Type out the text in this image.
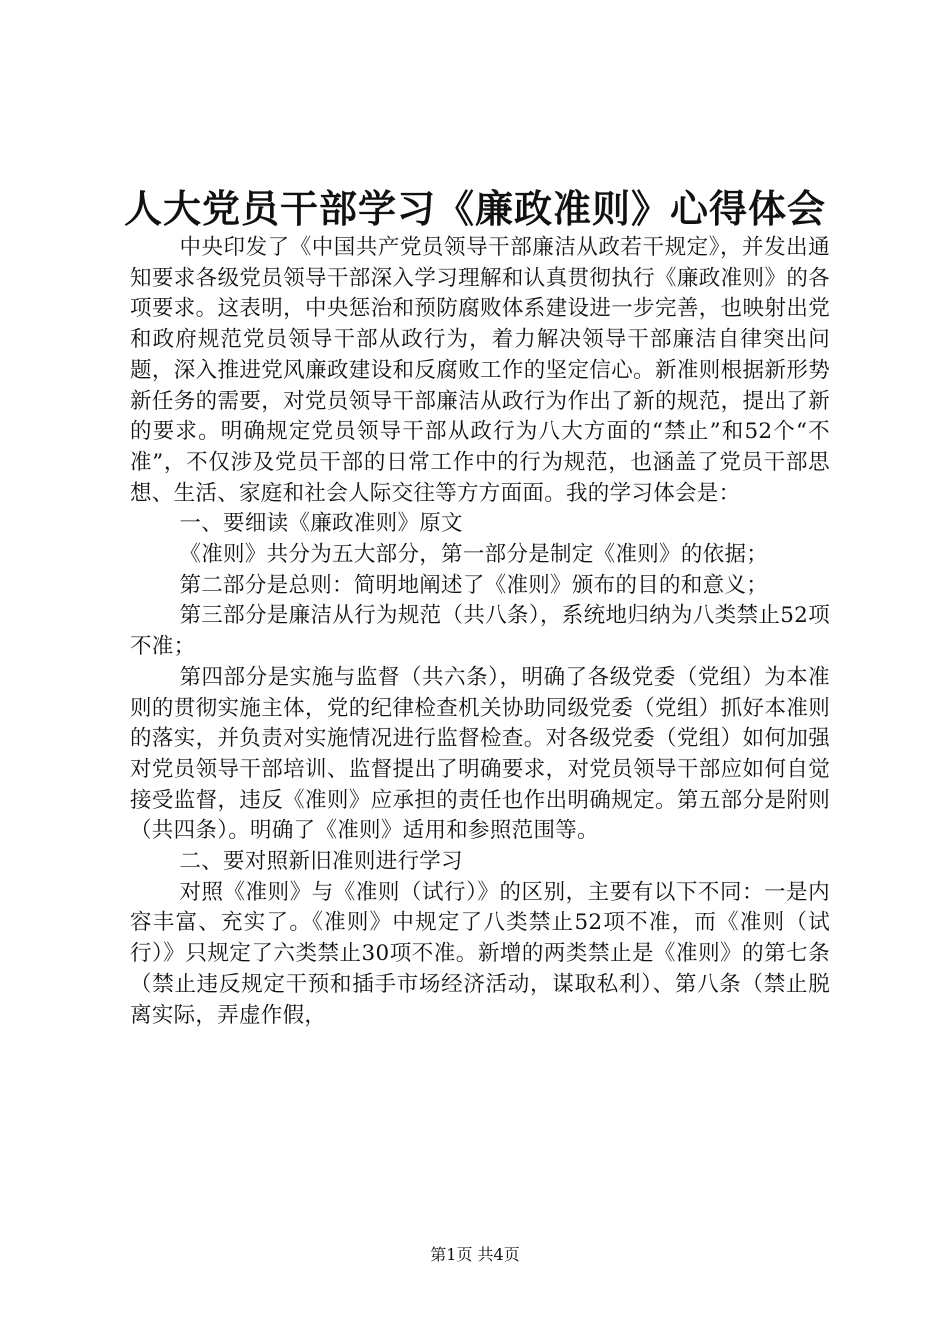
人大党员干部学习《廉政准则》心得体会

中央印发了《中国共产党员领导干部廉洁从政若干规定》，并发出通知要求各级党员领导干部深入学习理解和认真贯彻执行《廉政准则》的各项要求。这表明，中央惩治和预防腐败体系建设进一步完善，也映射出党和政府规范党员领导干部从政行为，着力解决领导干部廉洁自律突出问题，深入推进党风廉政建设和反腐败工作的坚定信心。新准则根据新形势新任务的需要，对党员领导干部廉洁从政行为作出了新的规范，提出了新的要求。明确规定党员领导干部从政行为八大方面的“禁止”和52个“不准”，不仅涉及党员干部的日常工作中的行为规范，也涵盖了党员干部思想、生活、家庭和社会人际交往等方方面面。我的学习体会是：

一、要细读《廉政准则》原文

《准则》共分为五大部分，第一部分是制定《准则》的依据；

第二部分是总则：简明地阐述了《准则》颁布的目的和意义；

第三部分是廉洁从行为规范（共八条），系统地归纳为八类禁止52项不准；

第四部分是实施与监督（共六条），明确了各级党委（党组）为本准则的贯彻实施主体，党的纪律检查机关协助同级党委（党组）抓好本准则的落实，并负责对实施情况进行监督检查。对各级党委（党组）如何加强对党员领导干部培训、监督提出了明确要求，对党员领导干部应如何自觉接受监督，违反《准则》应承担的责任也作出明确规定。第五部分是附则（共四条）。明确了《准则》适用和参照范围等。

二、要对照新旧准则进行学习

对照《准则》与《准则（试行）》的区别，主要有以下不同：一是内容丰富、充实了。《准则》中规定了八类禁止52项不准，而《准则（试行）》只规定了六类禁止30项不准。新增的两类禁止是《准则》的第七条（禁止违反规定干预和插手市场经济活动，谋取私利）、第八条（禁止脱离实际，弄虚作假，

第1页 共4页
